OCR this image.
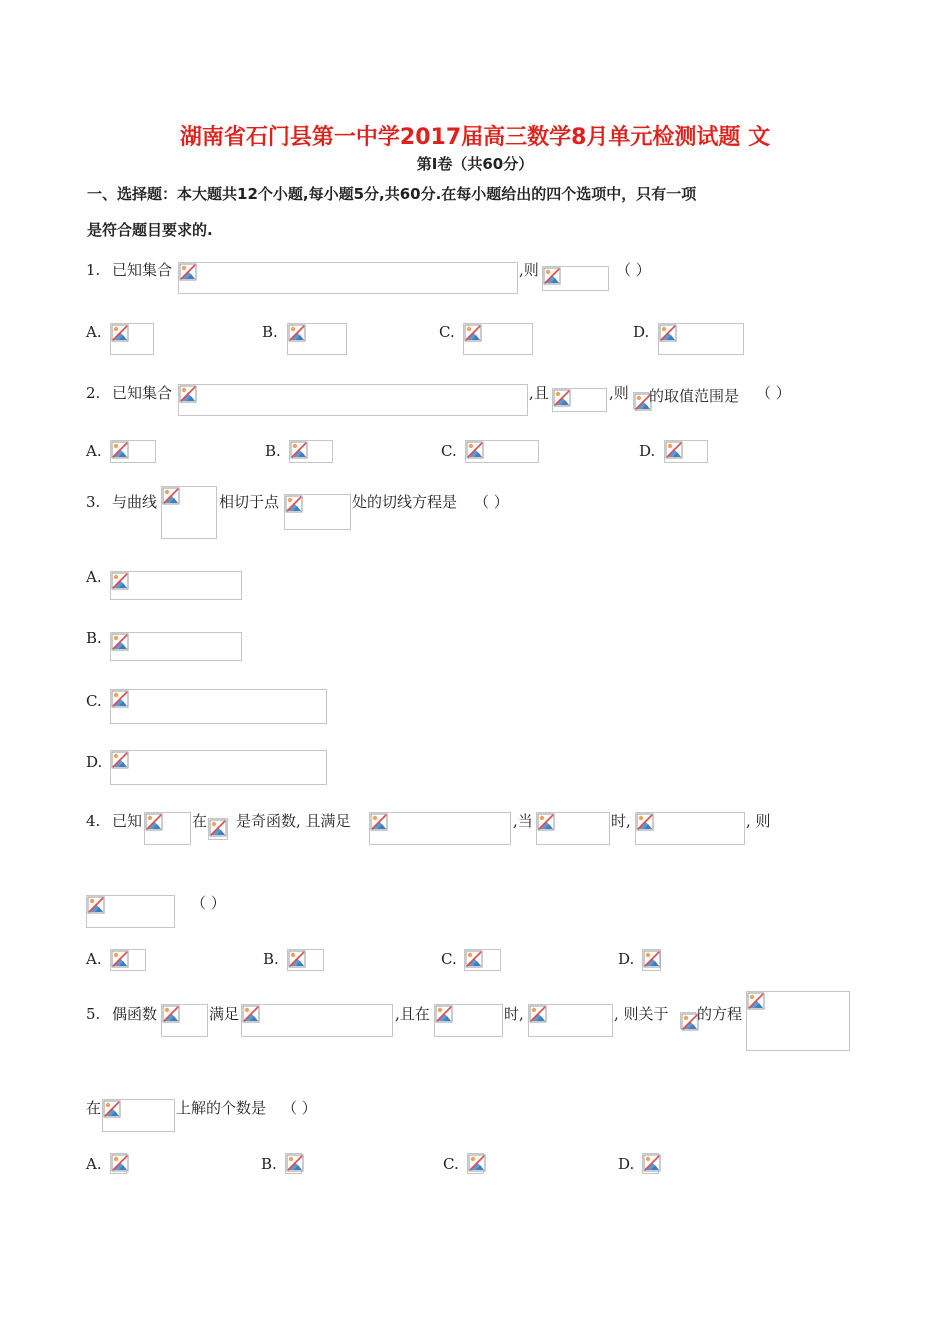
湖南省石门县第一中学2017届高三数学8月单元检测试题 文
第Ⅰ卷（共60分）
一、选择题：本大题共12个小题,每小题5分,共60分.在每小题给出的四个选项中，只有一项
是符合题目要求的.
1. 已知集合	,则	（ ）
A.	B.	C.	D.
2. 已知集合	,且	,则 的取值范围是 （ ）
A.	B.	C.	D.
3. 与曲线	相切于点	处的切线方程是 （ ）
A.
B.
C.
D.
4. 已知	在 是奇函数, 且满足	,当	时,	, 则
（ ）
A.	B.	C.	D.
5. 偶函数	满足	,且在	时,	, 则关于 的方程
在	上解的个数是 （ ）
A.	B.	C.	D.
